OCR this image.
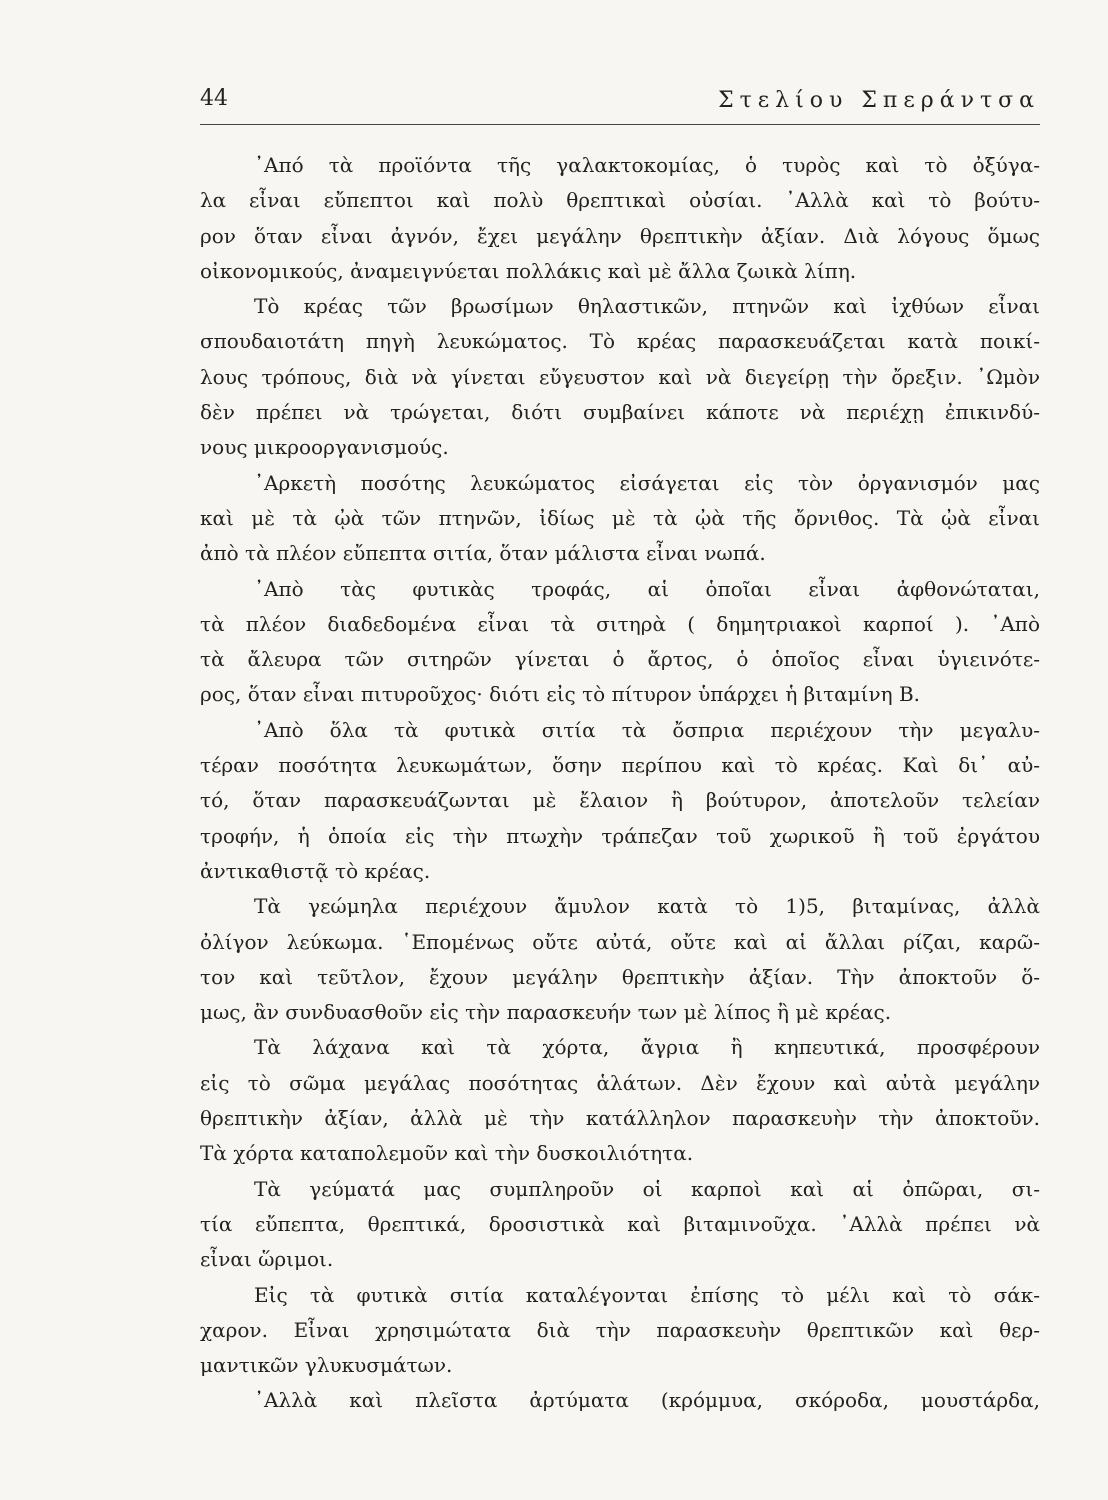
44	Στελίου Σπεράντσα
᾿Από τὰ προϊόντα τῆς γαλακτοκομίας, ὁ τυρὸς καὶ τὸ ὀξύγα-
λα εἶναι εὔπεπτοι καὶ πολὺ θρεπτικαὶ οὐσίαι. ᾿Αλλὰ καὶ τὸ βούτυ-
ρον ὅταν εἶναι ἀγνόν, ἔχει μεγάλην θρεπτικὴν ἀξίαν. Διὰ λόγους ὅμως
οἰκονομικούς, ἀναμειγνύεται πολλάκις καὶ μὲ ἄλλα ζωικὰ λίπη.
Τὸ κρέας τῶν βρωσίμων θηλαστικῶν, πτηνῶν καὶ ἰχθύων εἶναι
σπουδαιοτάτη πηγὴ λευκώματος. Τὸ κρέας παρασκευάζεται κατὰ ποικί-
λους τρόπους, διὰ νὰ γίνεται εὔγευστον καὶ νὰ διεγείρῃ τὴν ὄρεξιν. ᾿Ωμὸν
δὲν πρέπει νὰ τρώγεται, διότι συμβαίνει κάποτε νὰ περιέχῃ ἐπικινδύ-
νους μικρoοργανισμούς.
᾿Αρκετὴ ποσότης λευκώματος εἰσάγεται εἰς τὸν ὀργανισμόν μας
καὶ μὲ τὰ ᾠὰ τῶν πτηνῶν, ἰδίως μὲ τὰ ᾠὰ τῆς ὄρνιθος. Τὰ ᾠὰ εἶναι
ἀπὸ τὰ πλέον εὔπεπτα σιτία, ὅταν μάλιστα εἶναι νωπά.
᾿Απὸ τὰς φυτικὰς τροφάς, αἱ ὁποῖαι εἶναι ἀφθονώταται,
τὰ πλέον διαδεδομένα εἶναι τὰ σιτηρὰ ( δημητριακοὶ καρποί ). ᾿Απὸ
τὰ ἄλευρα τῶν σιτηρῶν γίνεται ὁ ἄρτος, ὁ ὁποῖος εἶναι ὑγιεινότε-
ρος, ὅταν εἶναι πιτυροῦχος· διότι εἰς τὸ πίτυρον ὑπάρχει ἡ βιταμίνη Β.
᾿Απὸ ὅλα τὰ φυτικὰ σιτία τὰ ὄσπρια περιέχουν τὴν μεγαλυ-
τέραν ποσότητα λευκωμάτων, ὅσην περίπου καὶ τὸ κρέας. Καὶ δι᾿ αὐ-
τό, ὅταν παρασκευάζωνται μὲ ἔλαιον ἢ βούτυρον, ἀποτελοῦν τελείαν
τροφήν, ἡ ὁποία εἰς τὴν πτωχὴν τράπεζαν τοῦ χωρικοῦ ἢ τοῦ ἐργάτου
ἀντικαθιστᾷ τὸ κρέας.
Τὰ γεώμηλα περιέχουν ἄμυλον κατὰ τὸ 1)5, βιταμίνας, ἀλλὰ
ὀλίγον λεύκωμα. ῾Επομένως οὔτε αὐτά, οὔτε καὶ αἱ ἄλλαι ρίζαι, καρῶ-
τον καὶ τεῦτλον, ἔχουν μεγάλην θρεπτικὴν ἀξίαν. Τὴν ἀποκτοῦν ὅ-
μως, ἂν συνδυασθοῦν εἰς τὴν παρασκευήν των μὲ λίπος ἢ μὲ κρέας.
Τὰ λάχανα καὶ τὰ χόρτα, ἄγρια ἢ κηπευτικά, προσφέρουν
εἰς τὸ σῶμα μεγάλας ποσότητας ἁλάτων. Δὲν ἔχουν καὶ αὐτὰ μεγάλην
θρεπτικὴν ἀξίαν, ἀλλὰ μὲ τὴν κατάλληλον παρασκευὴν τὴν ἀποκτοῦν.
Τὰ χόρτα καταπολεμοῦν καὶ τὴν δυσκοιλιότητα.
Τὰ γεύματά μας συμπληροῦν οἱ καρποὶ καὶ αἱ ὀπῶραι, σι-
τία εὔπεπτα, θρεπτικά, δροσιστικὰ καὶ βιταμινοῦχα. ᾿Αλλὰ πρέπει νὰ
εἶναι ὥριμοι.
Εἰς τὰ φυτικὰ σιτία καταλέγονται ἐπίσης τὸ μέλι καὶ τὸ σάκ-
χαρον. Εἶναι χρησιμώτατα διὰ τὴν παρασκευὴν θρεπτικῶν καὶ θερ-
μαντικῶν γλυκυσμάτων.
᾿Αλλὰ καὶ πλεῖστα ἀρτύματα (κρόμμυα, σκόροδα, μουστάρδα,
